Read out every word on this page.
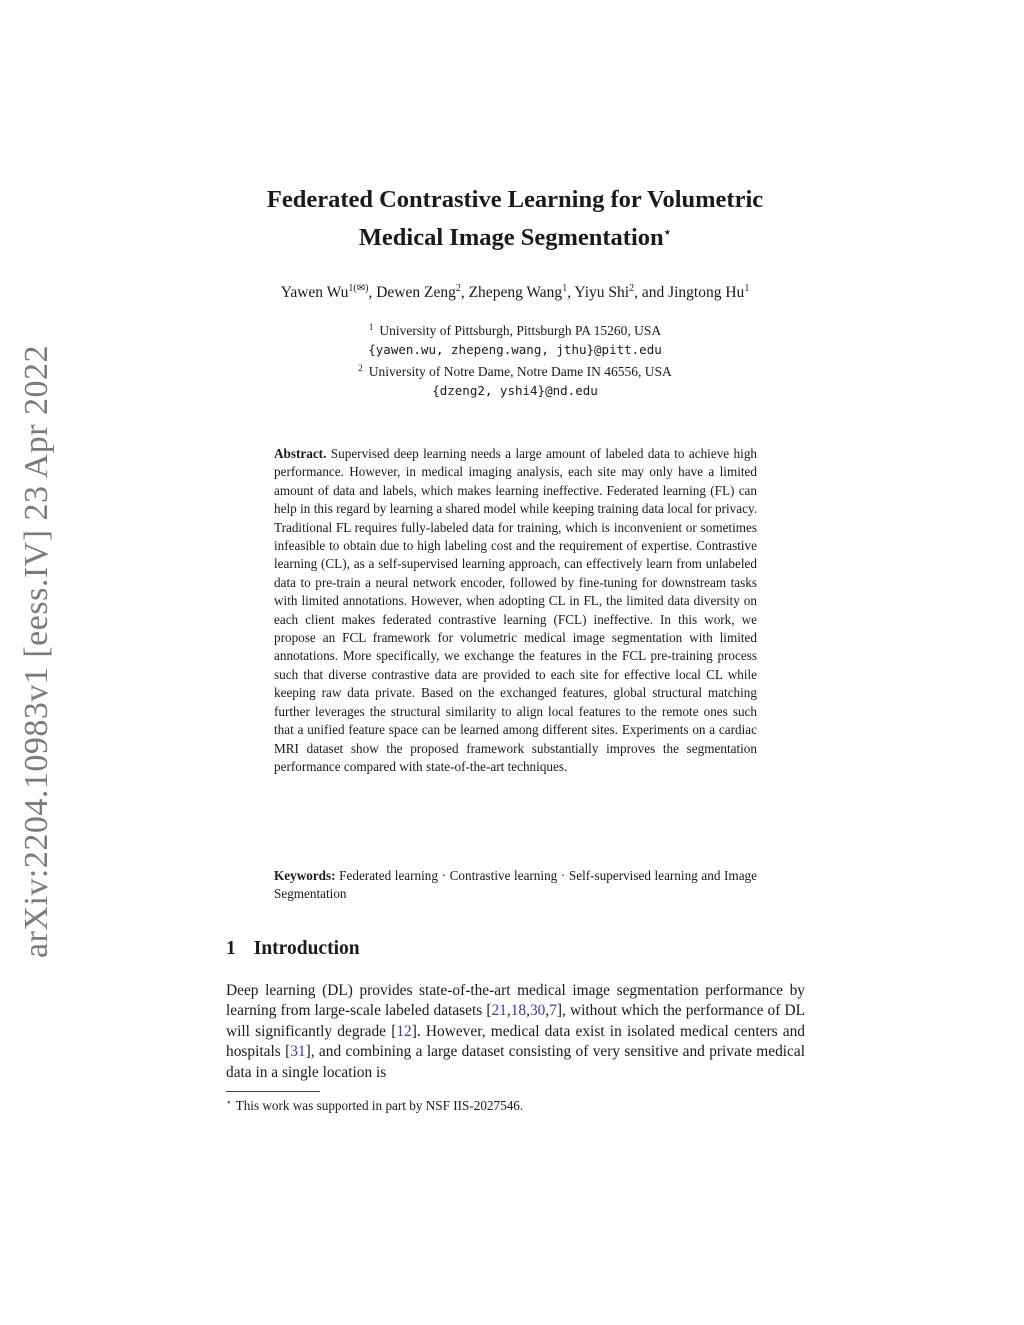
arXiv:2204.10983v1 [eess.IV] 23 Apr 2022
Federated Contrastive Learning for Volumetric
Medical Image Segmentation⋆
Yawen $Wu^{1(✉)}$, Dewen Zeng$^2$, Zhepeng Wang$^1$, Yiyu Shi$^2$, and Jingtong Hu$^1$
$^1$ University of Pittsburgh, Pittsburgh PA 15260, USA
{yawen.wu, zhepeng.wang, jthu}@pitt.edu
$^2$ University of Notre Dame, Notre Dame IN 46556, USA
{dzeng2, yshi4}@nd.edu
Abstract. Supervised deep learning needs a large amount of labeled data to achieve high performance. However, in medical imaging analysis, each site may only have a limited amount of data and labels, which makes learning ineffective. Federated learning (FL) can help in this regard by learning a shared model while keeping training data local for privacy. Traditional FL requires fully-labeled data for training, which is inconvenient or sometimes infeasible to obtain due to high labeling cost and the requirement of expertise. Contrastive learning (CL), as a self-supervised learning approach, can effectively learn from unlabeled data to pre-train a neural network encoder, followed by fine-tuning for downstream tasks with limited annotations. However, when adopting CL in FL, the limited data diversity on each client makes federated contrastive learning (FCL) ineffective. In this work, we propose an FCL framework for volumetric medical image segmentation with limited annotations. More specifically, we exchange the features in the FCL pre-training process such that diverse contrastive data are provided to each site for effective local CL while keeping raw data private. Based on the exchanged features, global structural matching further leverages the structural similarity to align local features to the remote ones such that a unified feature space can be learned among different sites. Experiments on a cardiac MRI dataset show the proposed framework substantially improves the segmentation performance compared with state-of-the-art techniques.
Keywords: Federated learning · Contrastive learning · Self-supervised learning and Image Segmentation
1 Introduction
Deep learning (DL) provides state-of-the-art medical image segmentation performance by learning from large-scale labeled datasets [21,18,30,7], without which the performance of DL will significantly degrade [12]. However, medical data exist in isolated medical centers and hospitals [31], and combining a large dataset consisting of very sensitive and private medical data in a single location is
⋆ This work was supported in part by NSF IIS-2027546.
